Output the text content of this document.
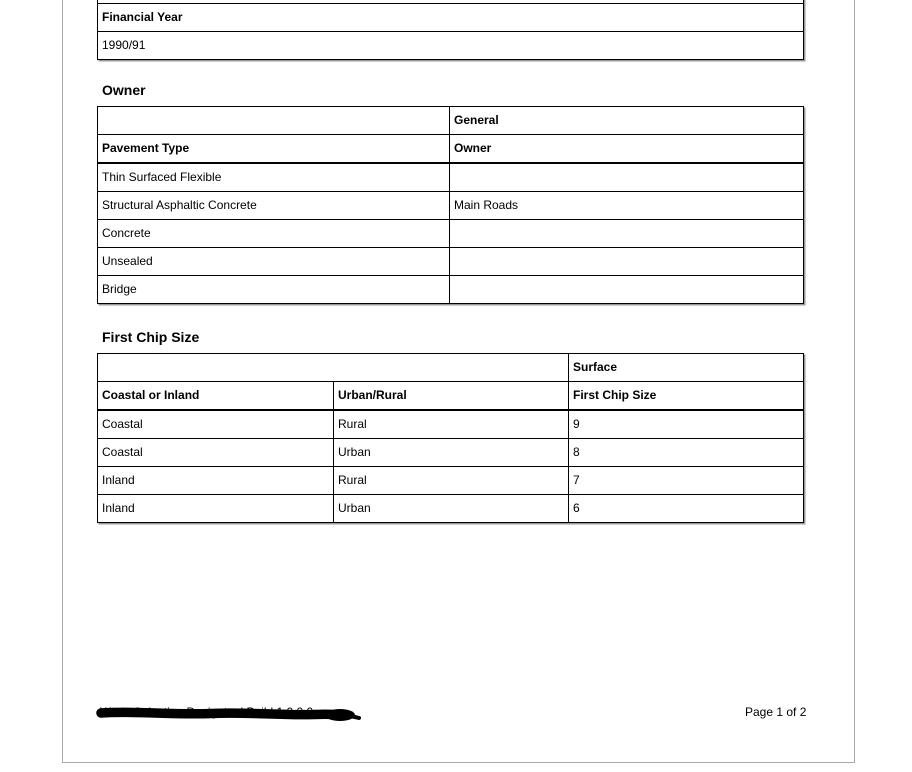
Financial Year
1990/91
Owner
	General
Pavement Type	Owner
Thin Surfaced Flexible	
Structural Asphaltic Concrete	Main Roads
Concrete	
Unsealed	
Bridge	
First Chip Size
		Surface
Coastal or Inland	Urban/Rural	First Chip Size
Coastal	Rural	9
Coastal	Urban	8
Inland	Rural	7
Inland	Urban	6
WorksSelection.Designtool Build 1.0.0.0	Page 1 of 2
